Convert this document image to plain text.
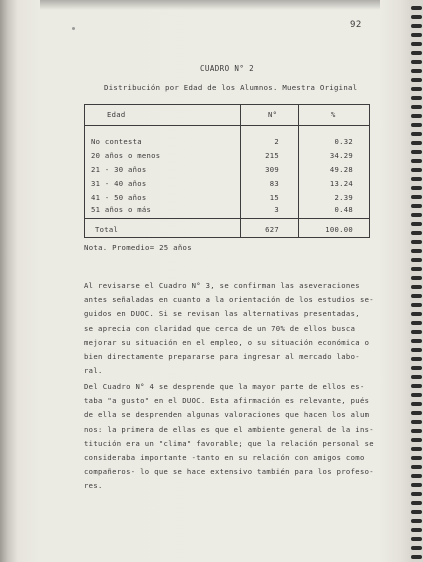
92
CUADRO N° 2
Distribución por Edad de los Alumnos. Muestra Original
Edad	N°	%
No contesta	2	0.32
20 años o menos	215	34.29
21 - 30 años	309	49.28
31 - 40 años	83	13.24
41 - 50 años	15	2.39
51 años o más	3	0.48
Total	627	100.00
Nota. Promedio= 25 años
Al revisarse el Cuadro N° 3, se confirman las aseveraciones
antes señaladas en cuanto a la orientación de los estudios se-
guidos en DUOC. Si se revisan las alternativas presentadas,
se aprecia con claridad que cerca de un 70% de ellos busca
mejorar su situación en el empleo, o su situación económica o
bien directamente prepararse para ingresar al mercado labo-
ral.
Del Cuadro N° 4 se desprende que la mayor parte de ellos es-
taba "a gusto" en el DUOC. Esta afirmación es relevante, pués
de ella se desprenden algunas valoraciones que hacen los alum
nos: la primera de ellas es que el ambiente general de la ins-
titución era un "clima" favorable; que la relación personal se
consideraba importante -tanto en su relación con amigos como
compañeros- lo que se hace extensivo también para los profeso-
res.
